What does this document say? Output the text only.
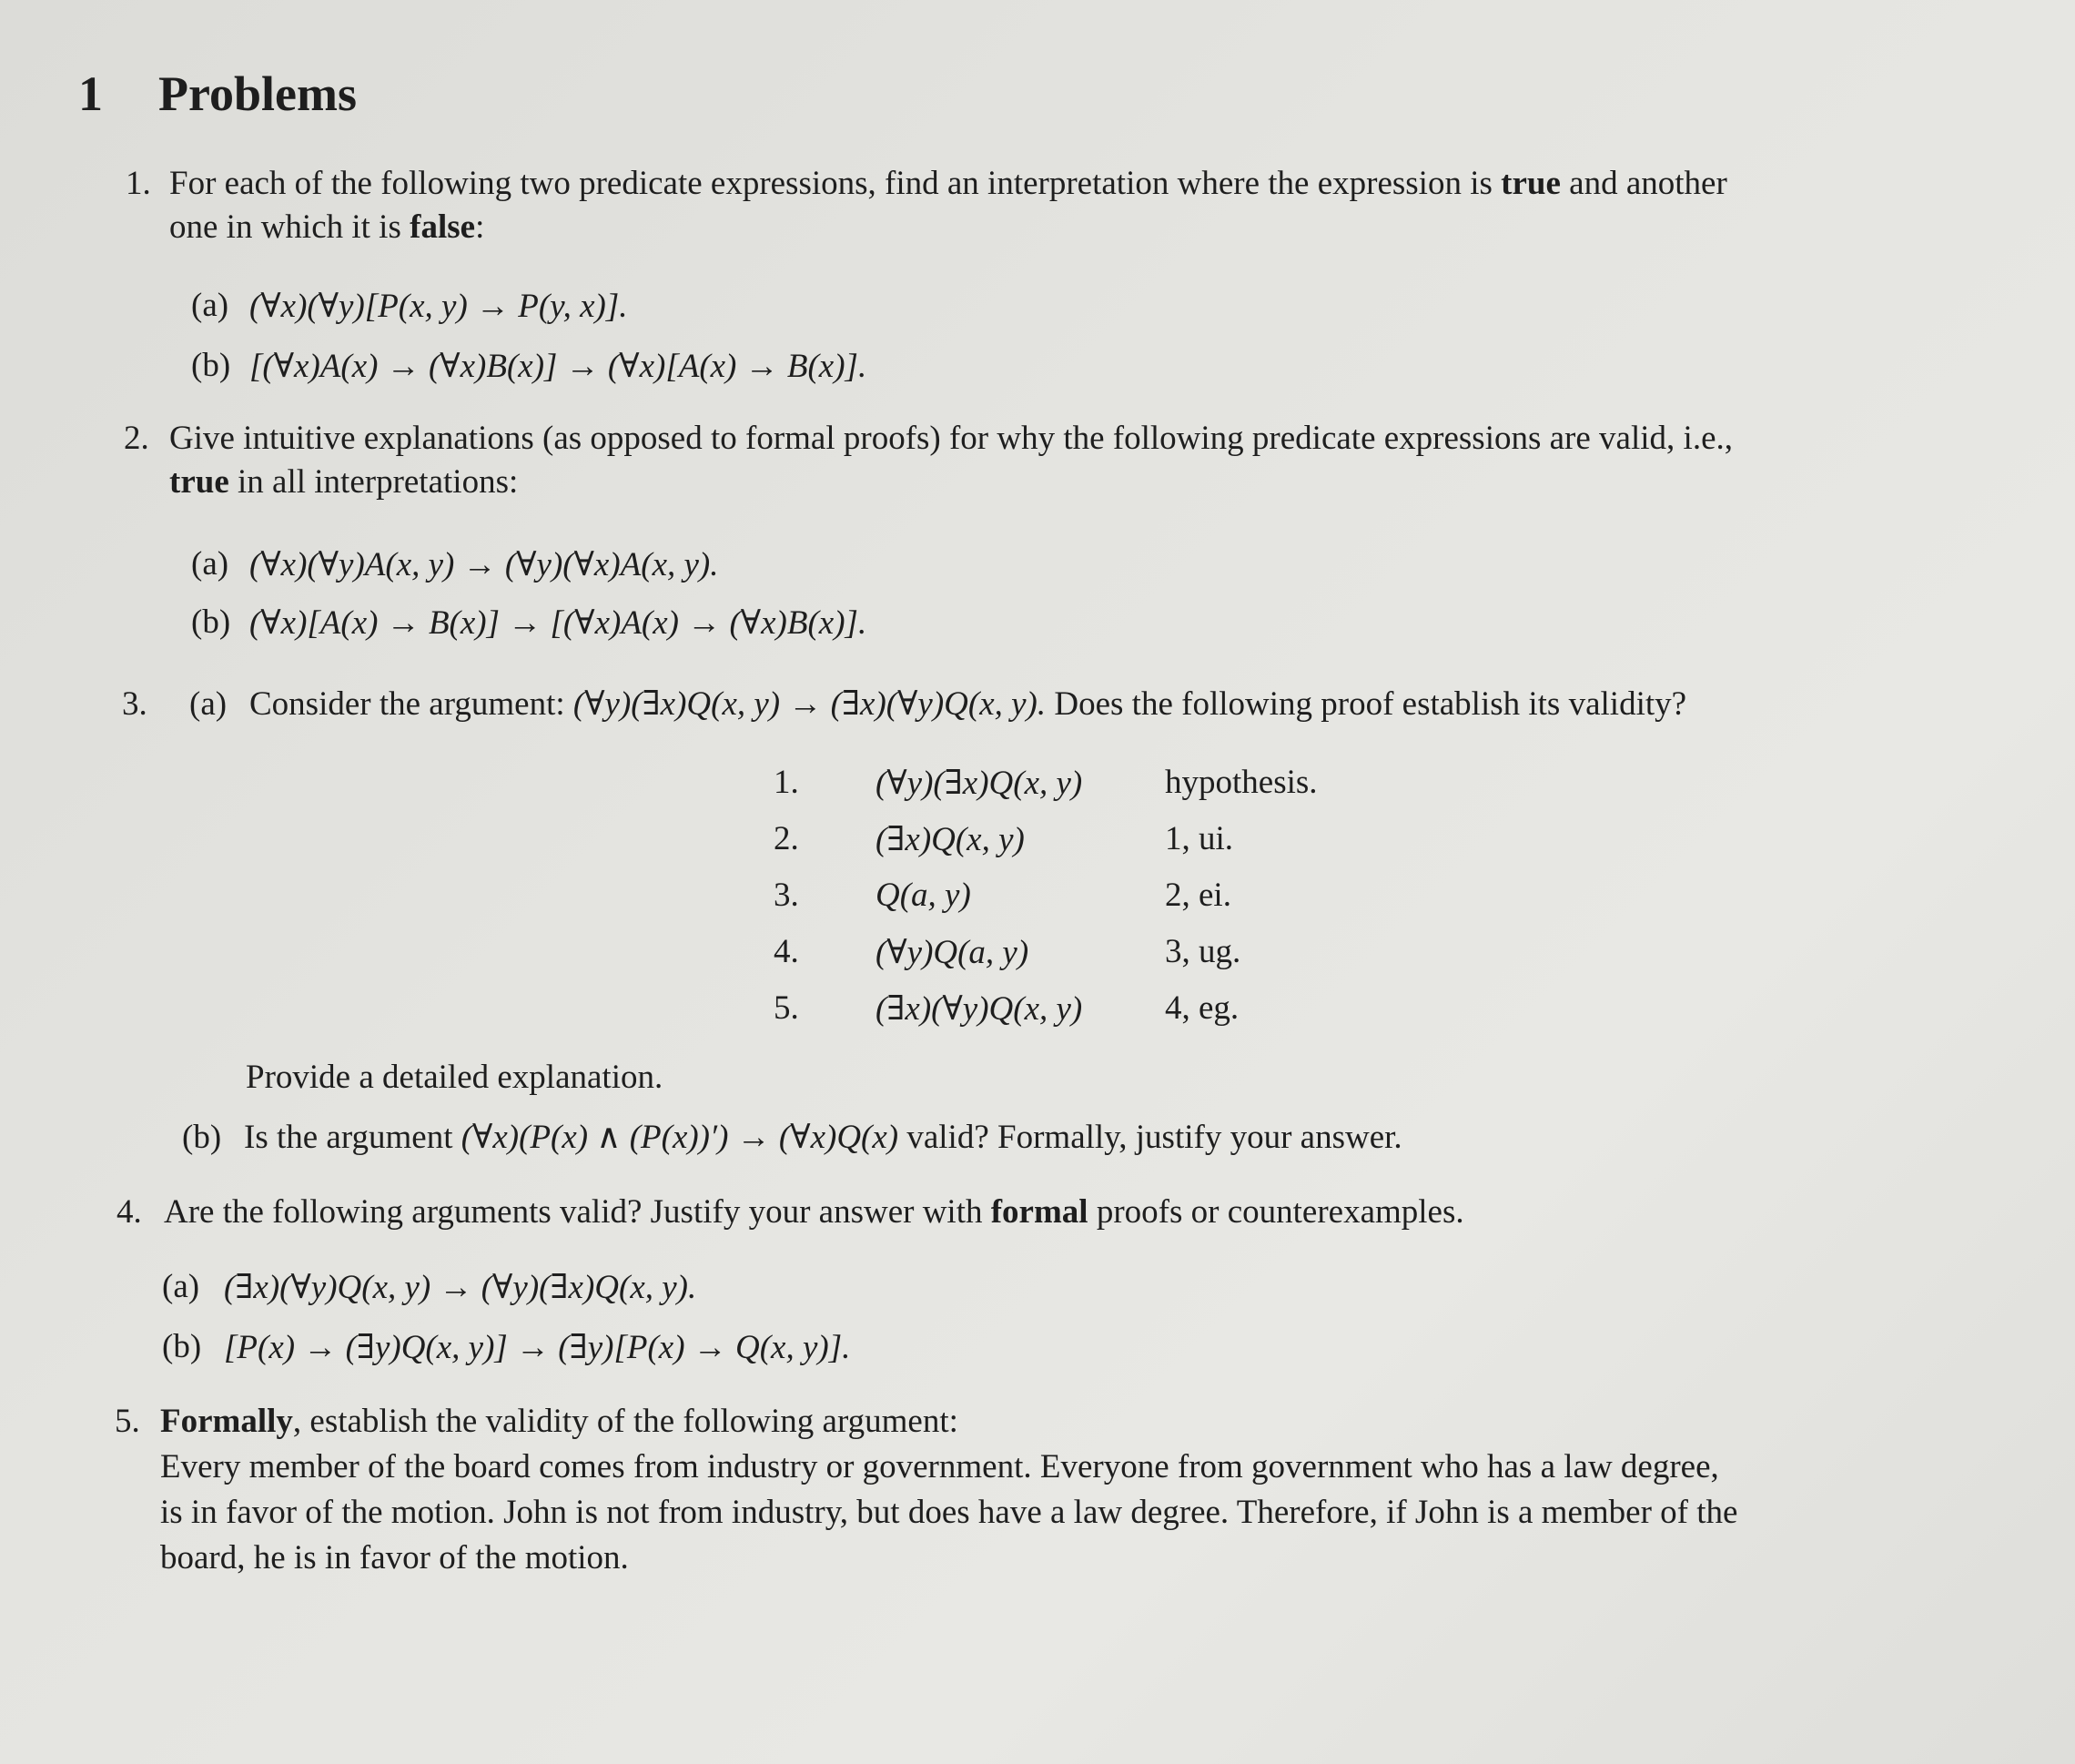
1 Problems
1. For each of the following two predicate expressions, find an interpretation where the expression is true and another
one in which it is false:
(a) (∀x)(∀y)[P(x, y) → P(y, x)].
(b) [(∀x)A(x) → (∀x)B(x)] → (∀x)[A(x) → B(x)].
2. Give intuitive explanations (as opposed to formal proofs) for why the following predicate expressions are valid, i.e.,
true in all interpretations:
(a) (∀x)(∀y)A(x, y) → (∀y)(∀x)A(x, y).
(b) (∀x)[A(x) → B(x)] → [(∀x)A(x) → (∀x)B(x)].
3. (a) Consider the argument: (∀y)(∃x)Q(x, y) → (∃x)(∀y)Q(x, y). Does the following proof establish its validity?
1. (∀y)(∃x)Q(x, y) hypothesis.
2. (∃x)Q(x, y)	1, ui.
3. Q(a, y)	2, ei.
4. (∀y)Q(a, y)	3, ug.
5. (∃x)(∀y)Q(x, y) 4, eg.
Provide a detailed explanation.
(b) Is the argument (∀x)(P(x) ∧ (P(x))′) → (∀x)Q(x) valid? Formally, justify your answer.
4. Are the following arguments valid? Justify your answer with formal proofs or counterexamples.
(a) (∃x)(∀y)Q(x, y) → (∀y)(∃x)Q(x, y).
(b) [P(x) → (∃y)Q(x, y)] → (∃y)[P(x) → Q(x, y)].
5. Formally, establish the validity of the following argument:
Every member of the board comes from industry or government. Everyone from government who has a law degree,
is in favor of the motion. John is not from industry, but does have a law degree. Therefore, if John is a member of the
board, he is in favor of the motion.
